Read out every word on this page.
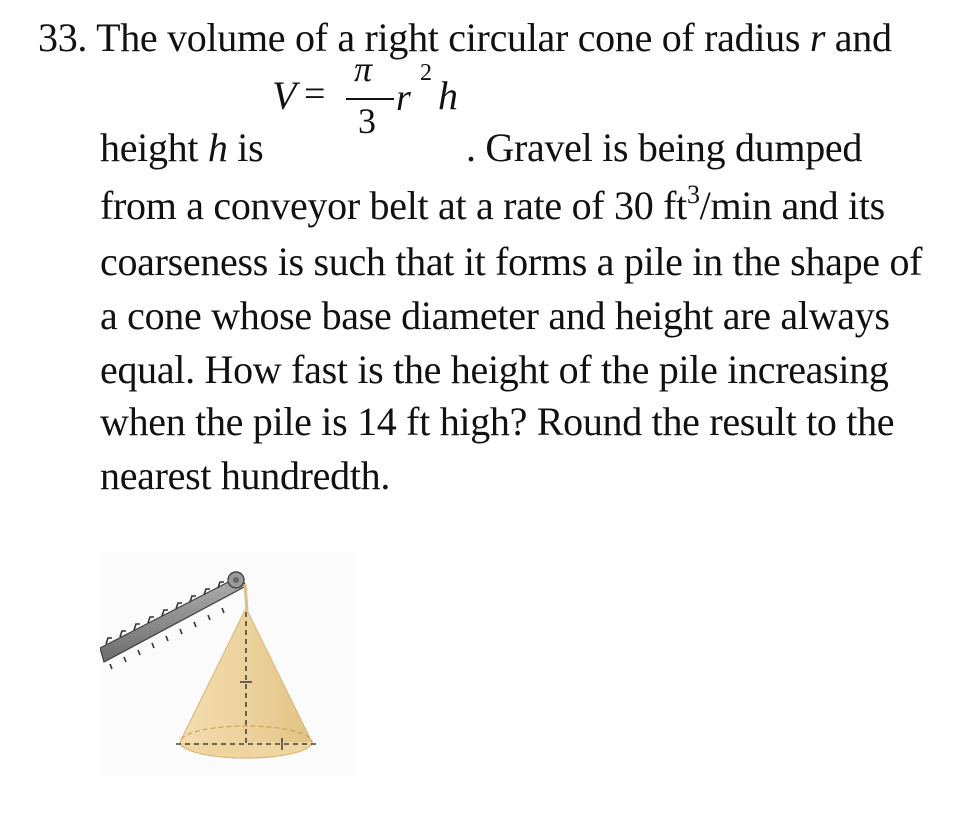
33. The volume of a right circular cone of radius r and
V =
π
3
r
2 h
height h is	. Gravel is being dumped
from a conveyor belt at a rate of 30 $ft^3/\min$ and its
coarseness is such that it forms a pile in the shape of
a cone whose base diameter and height are always
equal. How fast is the height of the pile increasing
when the pile is 14 ft high? Round the result to the
nearest hundredth.
